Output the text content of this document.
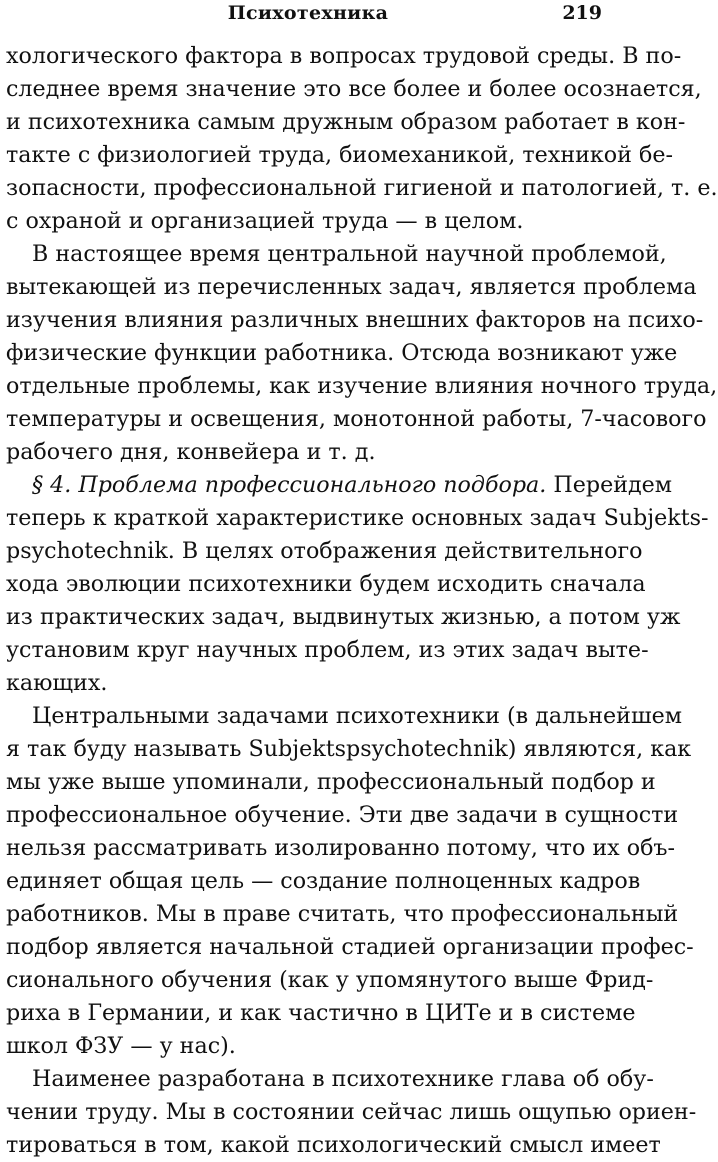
Психотехника	219
хологического фактора в вопросах трудовой среды. В по-
следнее время значение это все более и более осознается,
и психотехника самым дружным образом работает в кон-
такте с физиологией труда, биомеханикой, техникой бе-
зопасности, профессиональной гигиеной и патологией, т. е.
с охраной и организацией труда — в целом.
В настоящее время центральной научной проблемой,
вытекающей из перечисленных задач, является проблема
изучения влияния различных внешних факторов на психо-
физические функции работника. Отсюда возникают уже
отдельные проблемы, как изучение влияния ночного труда,
температуры и освещения, монотонной работы, 7-часового
рабочего дня, конвейера и т. д.
§ 4. Проблема профессионального подбора. Перейдем
теперь к краткой характеристике основных задач Subjekts-
psychotechnik. В целях отображения действительного
хода эволюции психотехники будем исходить сначала
из практических задач, выдвинутых жизнью, а потом уж
установим круг научных проблем, из этих задач выте-
кающих.
Центральными задачами психотехники (в дальнейшем
я так буду называть Subjektspsychotechnik) являются, как
мы уже выше упоминали, профессиональный подбор и
профессиональное обучение. Эти две задачи в сущности
нельзя рассматривать изолированно потому, что их объ-
единяет общая цель — создание полноценных кадров
работников. Мы в праве считать, что профессиональный
подбор является начальной стадией организации профес-
сионального обучения (как у упомянутого выше Фрид-
риха в Германии, и как частично в ЦИТе и в системе
школ ФЗУ — у нас).
Наименее разработана в психотехнике глава об обу-
чении труду. Мы в состоянии сейчас лишь ощупью ориен-
тироваться в том, какой психологический смысл имеет
